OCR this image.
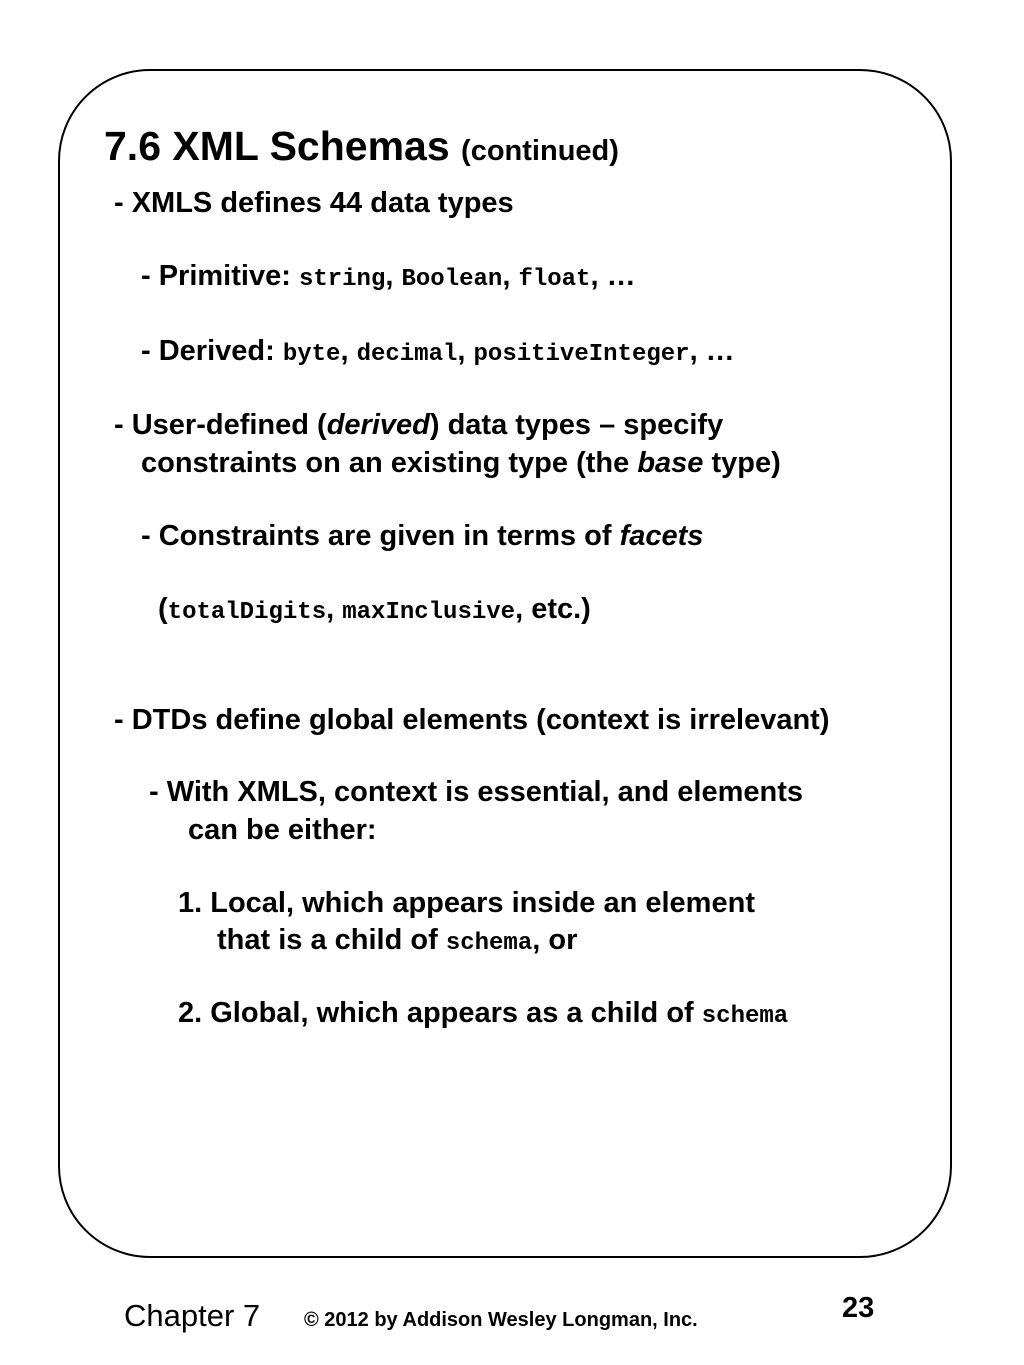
7.6 XML Schemas (continued)
- XMLS defines 44 data types
- Primitive: string, Boolean, float, …
- Derived: byte, decimal, positiveInteger, …
- User-defined (derived) data types – specify
constraints on an existing type (the base type)
- Constraints are given in terms of facets
(totalDigits, maxInclusive, etc.)
- DTDs define global elements (context is irrelevant)
- With XMLS, context is essential, and elements
can be either:
1. Local, which appears inside an element
that is a child of schema, or
2. Global, which appears as a child of schema
Chapter 7 © 2012 by Addison Wesley Longman, Inc.	23
